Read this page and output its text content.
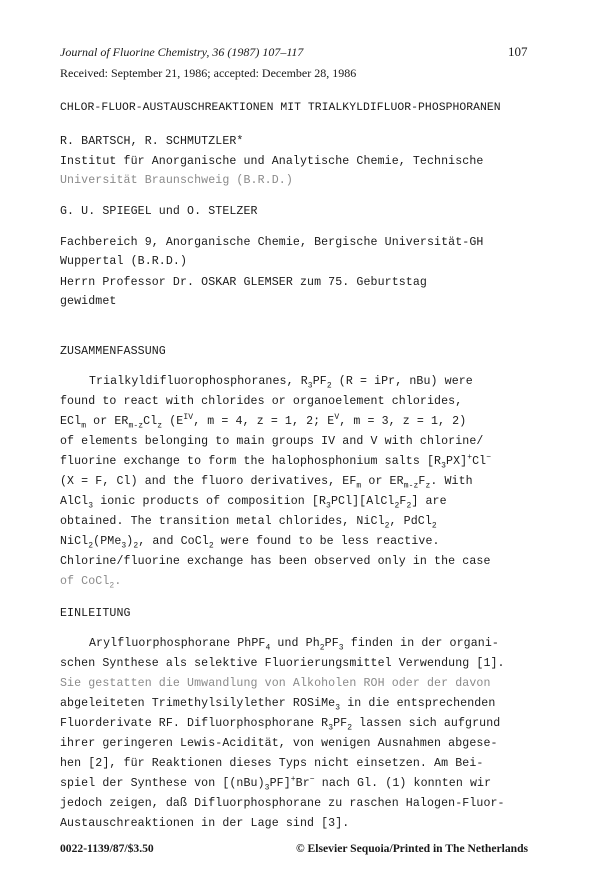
Journal of Fluorine Chemistry, 36 (1987) 107–117	107
Received: September 21, 1986; accepted: December 28, 1986
CHLOR-FLUOR-AUSTAUSCHREAKTIONEN MIT TRIALKYLDIFLUOR-PHOSPHORANEN
R. BARTSCH, R. SCHMUTZLER*
Institut für Anorganische und Analytische Chemie, Technische
Universität Braunschweig (B.R.D.)
G. U. SPIEGEL und O. STELZER
Fachbereich 9, Anorganische Chemie, Bergische Universität-GH
Wuppertal (B.R.D.)
Herrn Professor Dr. OSKAR GLEMSER zum 75. Geburtstag
gewidmet
ZUSAMMENFASSUNG
Trialkyldifluorophosphoranes, $R_3PF_2$ (R = iPr, nBu) were
found to react with chlorides or organoelement chlorides,
ECl$_m$ or $ER_{m-z}Cl_z$ ($E^{IV}$, m = 4, z = 1, 2; $E^V$, m = 3, z = 1, 2)
of elements belonging to main groups IV and V with chlorine/
fluorine exchange to form the halophosphonium salts $[R_3PX]^+Cl^-$
(X = F, Cl) and the fluoro derivatives, $EF_m$ or $ER_{m-z}F_z$. With
AlCl$_3$ ionic products of composition $[R_3PCl][AlCl_2F_2]$ are
obtained. The transition metal chlorides, NiCl$_2$, PdCl$_2$
$NiCl_2(PMe_3)_2$, and CoCl$_2$ were found to be less reactive.
Chlorine/fluorine exchange has been observed only in the case
of CoCl$_2$.
EINLEITUNG
Arylfluorphosphorane PhPF$_4$ und $Ph_2PF_3$ finden in der organi-
schen Synthese als selektive Fluorierungsmittel Verwendung [1].
Sie gestatten die Umwandlung von Alkoholen ROH oder der davon
abgeleiteten Trimethylsilylether ROSiMe$_3$ in die entsprechenden
Fluorderivate RF. Difluorphosphorane $R_3PF_2$ lassen sich aufgrund
ihrer geringeren Lewis-Acidität, von wenigen Ausnahmen abgese-
hen [2], für Reaktionen dieses Typs nicht einsetzen. Am Bei-
spiel der Synthese von $[(nBu)_3PF]^+Br^-$ nach Gl. (1) konnten wir
jedoch zeigen, daß Difluorphosphorane zu raschen Halogen-Fluor-
Austauschreaktionen in der Lage sind [3].
0022-1139/87/$3.50	© Elsevier Sequoia/Printed in The Netherlands
